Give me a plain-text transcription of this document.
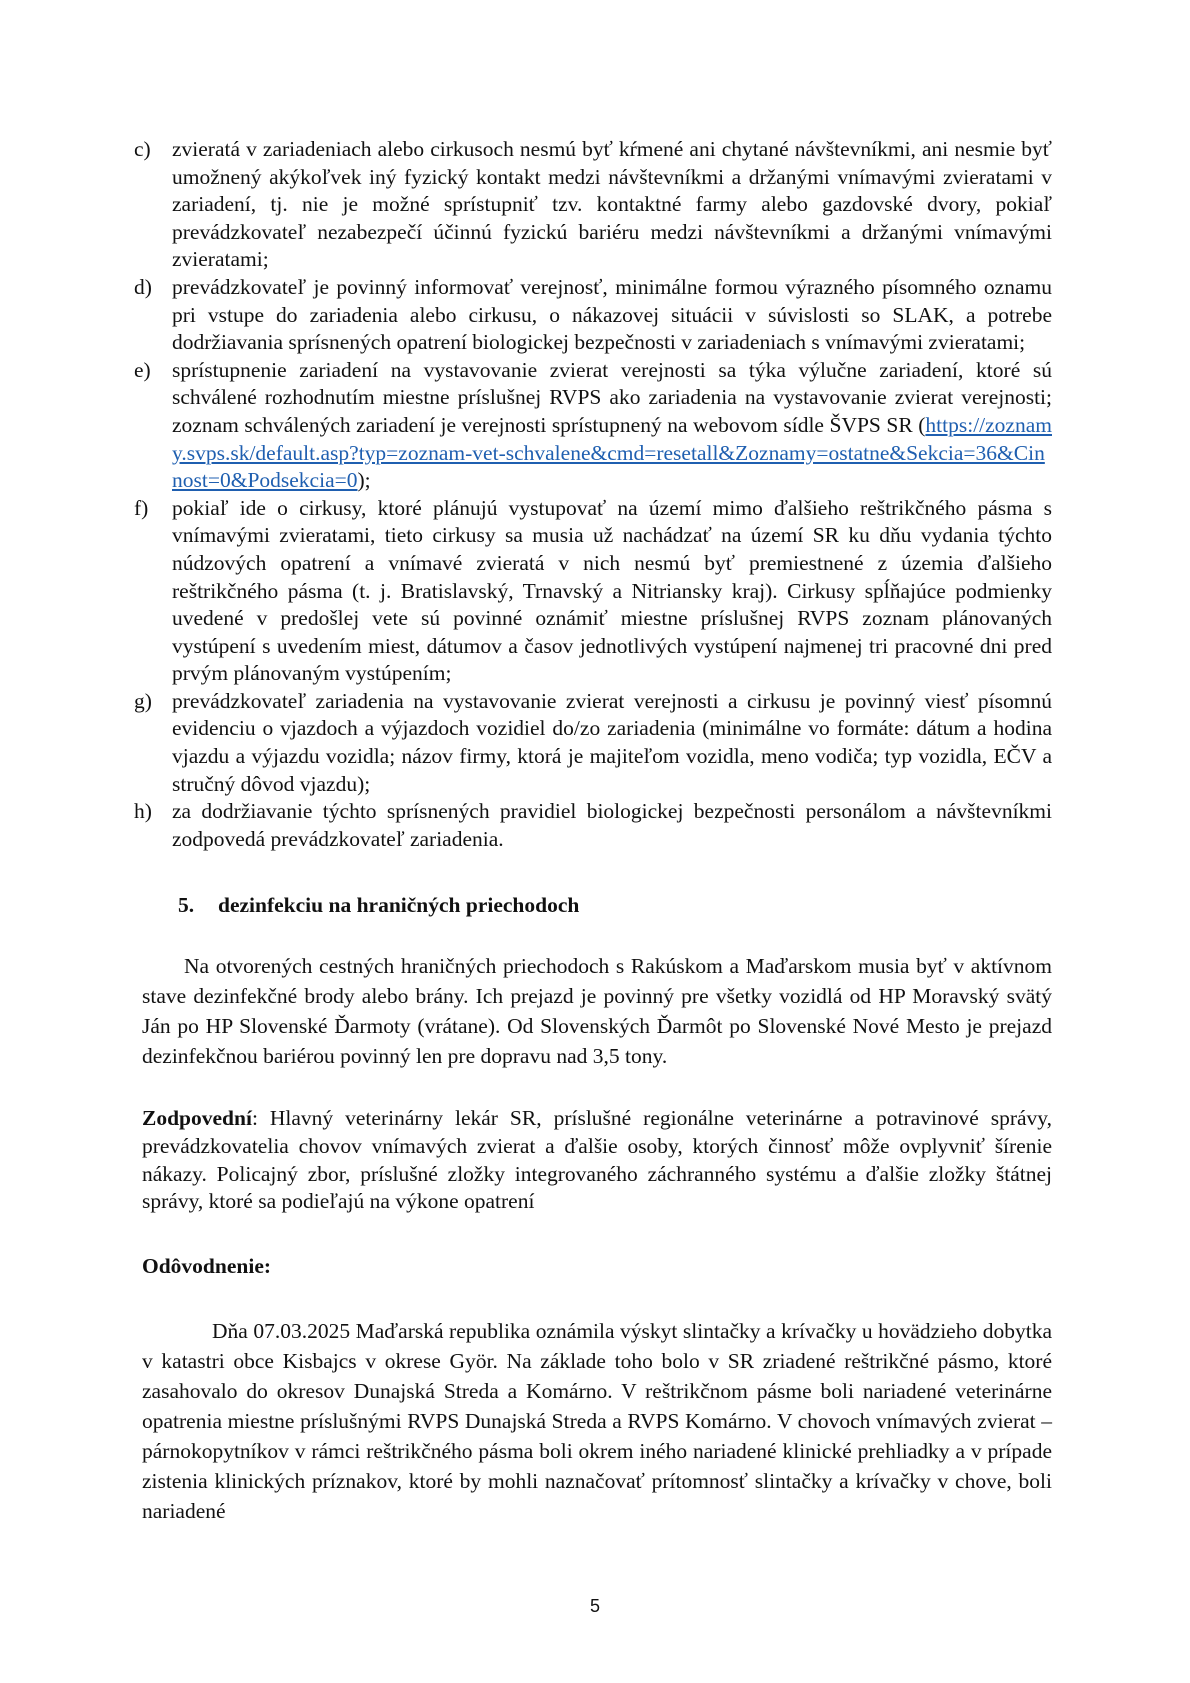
c) zvieratá v zariadeniach alebo cirkusoch nesmú byť kŕmené ani chytané návštevníkmi, ani nesmie byť umožnený akýkoľvek iný fyzický kontakt medzi návštevníkmi a držanými vnímavými zvieratami v zariadení, tj. nie je možné sprístupniť tzv. kontaktné farmy alebo gazdovské dvory, pokiaľ prevádzkovateľ nezabezpečí účinnú fyzickú bariéru medzi návštevníkmi a držanými vnímavými zvieratami;
d) prevádzkovateľ je povinný informovať verejnosť, minimálne formou výrazného písomného oznamu pri vstupe do zariadenia alebo cirkusu, o nákazovej situácii v súvislosti so SLAK, a potrebe dodržiavania sprísnených opatrení biologickej bezpečnosti v zariadeniach s vnímavými zvieratami;
e) sprístupnenie zariadení na vystavovanie zvierat verejnosti sa týka výlučne zariadení, ktoré sú schválené rozhodnutím miestne príslušnej RVPS ako zariadenia na vystavovanie zvierat verejnosti; zoznam schválených zariadení je verejnosti sprístupnený na webovom sídle ŠVPS SR (https://zoznamy.svps.sk/default.asp?typ=zoznam-vet-schvalene&cmd=resetall&Zoznamy=ostatne&Sekcia=36&Cinnost=0&Podsekcia=0);
f)	pokiaľ ide o cirkusy, ktoré plánujú vystupovať na území mimo ďalšieho reštrikčného pásma s vnímavými zvieratami, tieto cirkusy sa musia už nachádzať na území SR ku dňu vydania týchto núdzových opatrení a vnímavé zvieratá v nich nesmú byť premiestnené z územia ďalšieho reštrikčného pásma (t. j. Bratislavský, Trnavský a Nitriansky kraj). Cirkusy spĺňajúce podmienky uvedené v predošlej vete sú povinné oznámiť miestne príslušnej RVPS zoznam plánovaných vystúpení s uvedením miest, dátumov a časov jednotlivých vystúpení najmenej tri pracovné dni pred prvým plánovaným vystúpením;
g) prevádzkovateľ zariadenia na vystavovanie zvierat verejnosti a cirkusu je povinný viesť písomnú evidenciu o vjazdoch a výjazdoch vozidiel do/zo zariadenia (minimálne vo formáte: dátum a hodina vjazdu a výjazdu vozidla; názov firmy, ktorá je majiteľom vozidla, meno vodiča; typ vozidla, EČV a stručný dôvod vjazdu);
h) za dodržiavanie týchto sprísnených pravidiel biologickej bezpečnosti personálom a návštevníkmi zodpovedá prevádzkovateľ zariadenia.
5. dezinfekciu na hraničných priechodoch

Na otvorených cestných hraničných priechodoch s Rakúskom a Maďarskom musia byť v aktívnom stave dezinfekčné brody alebo brány. Ich prejazd je povinný pre všetky vozidlá od HP Moravský svätý Ján po HP Slovenské Ďarmoty (vrátane). Od Slovenských Ďarmôt po Slovenské Nové Mesto je prejazd dezinfekčnou bariérou povinný len pre dopravu nad 3,5 tony.

Zodpovední: Hlavný veterinárny lekár SR, príslušné regionálne veterinárne a potravinové správy, prevádzkovatelia chovov vnímavých zvierat a ďalšie osoby, ktorých činnosť môže ovplyvniť šírenie nákazy. Policajný zbor, príslušné zložky integrovaného záchranného systému a ďalšie zložky štátnej správy, ktoré sa podieľajú na výkone opatrení

Odôvodnenie:

Dňa 07.03.2025 Maďarská republika oznámila výskyt slintačky a krívačky u hovädzieho dobytka v katastri obce Kisbajcs v okrese Györ. Na základe toho bolo v SR zriadené reštrikčné pásmo, ktoré zasahovalo do okresov Dunajská Streda a Komárno. V reštrikčnom pásme boli nariadené veterinárne opatrenia miestne príslušnými RVPS Dunajská Streda a RVPS Komárno. V chovoch vnímavých zvierat – párnokopytníkov v rámci reštrikčného pásma boli okrem iného nariadené klinické prehliadky a v prípade zistenia klinických príznakov, ktoré by mohli naznačovať prítomnosť slintačky a krívačky v chove, boli nariadené

5
